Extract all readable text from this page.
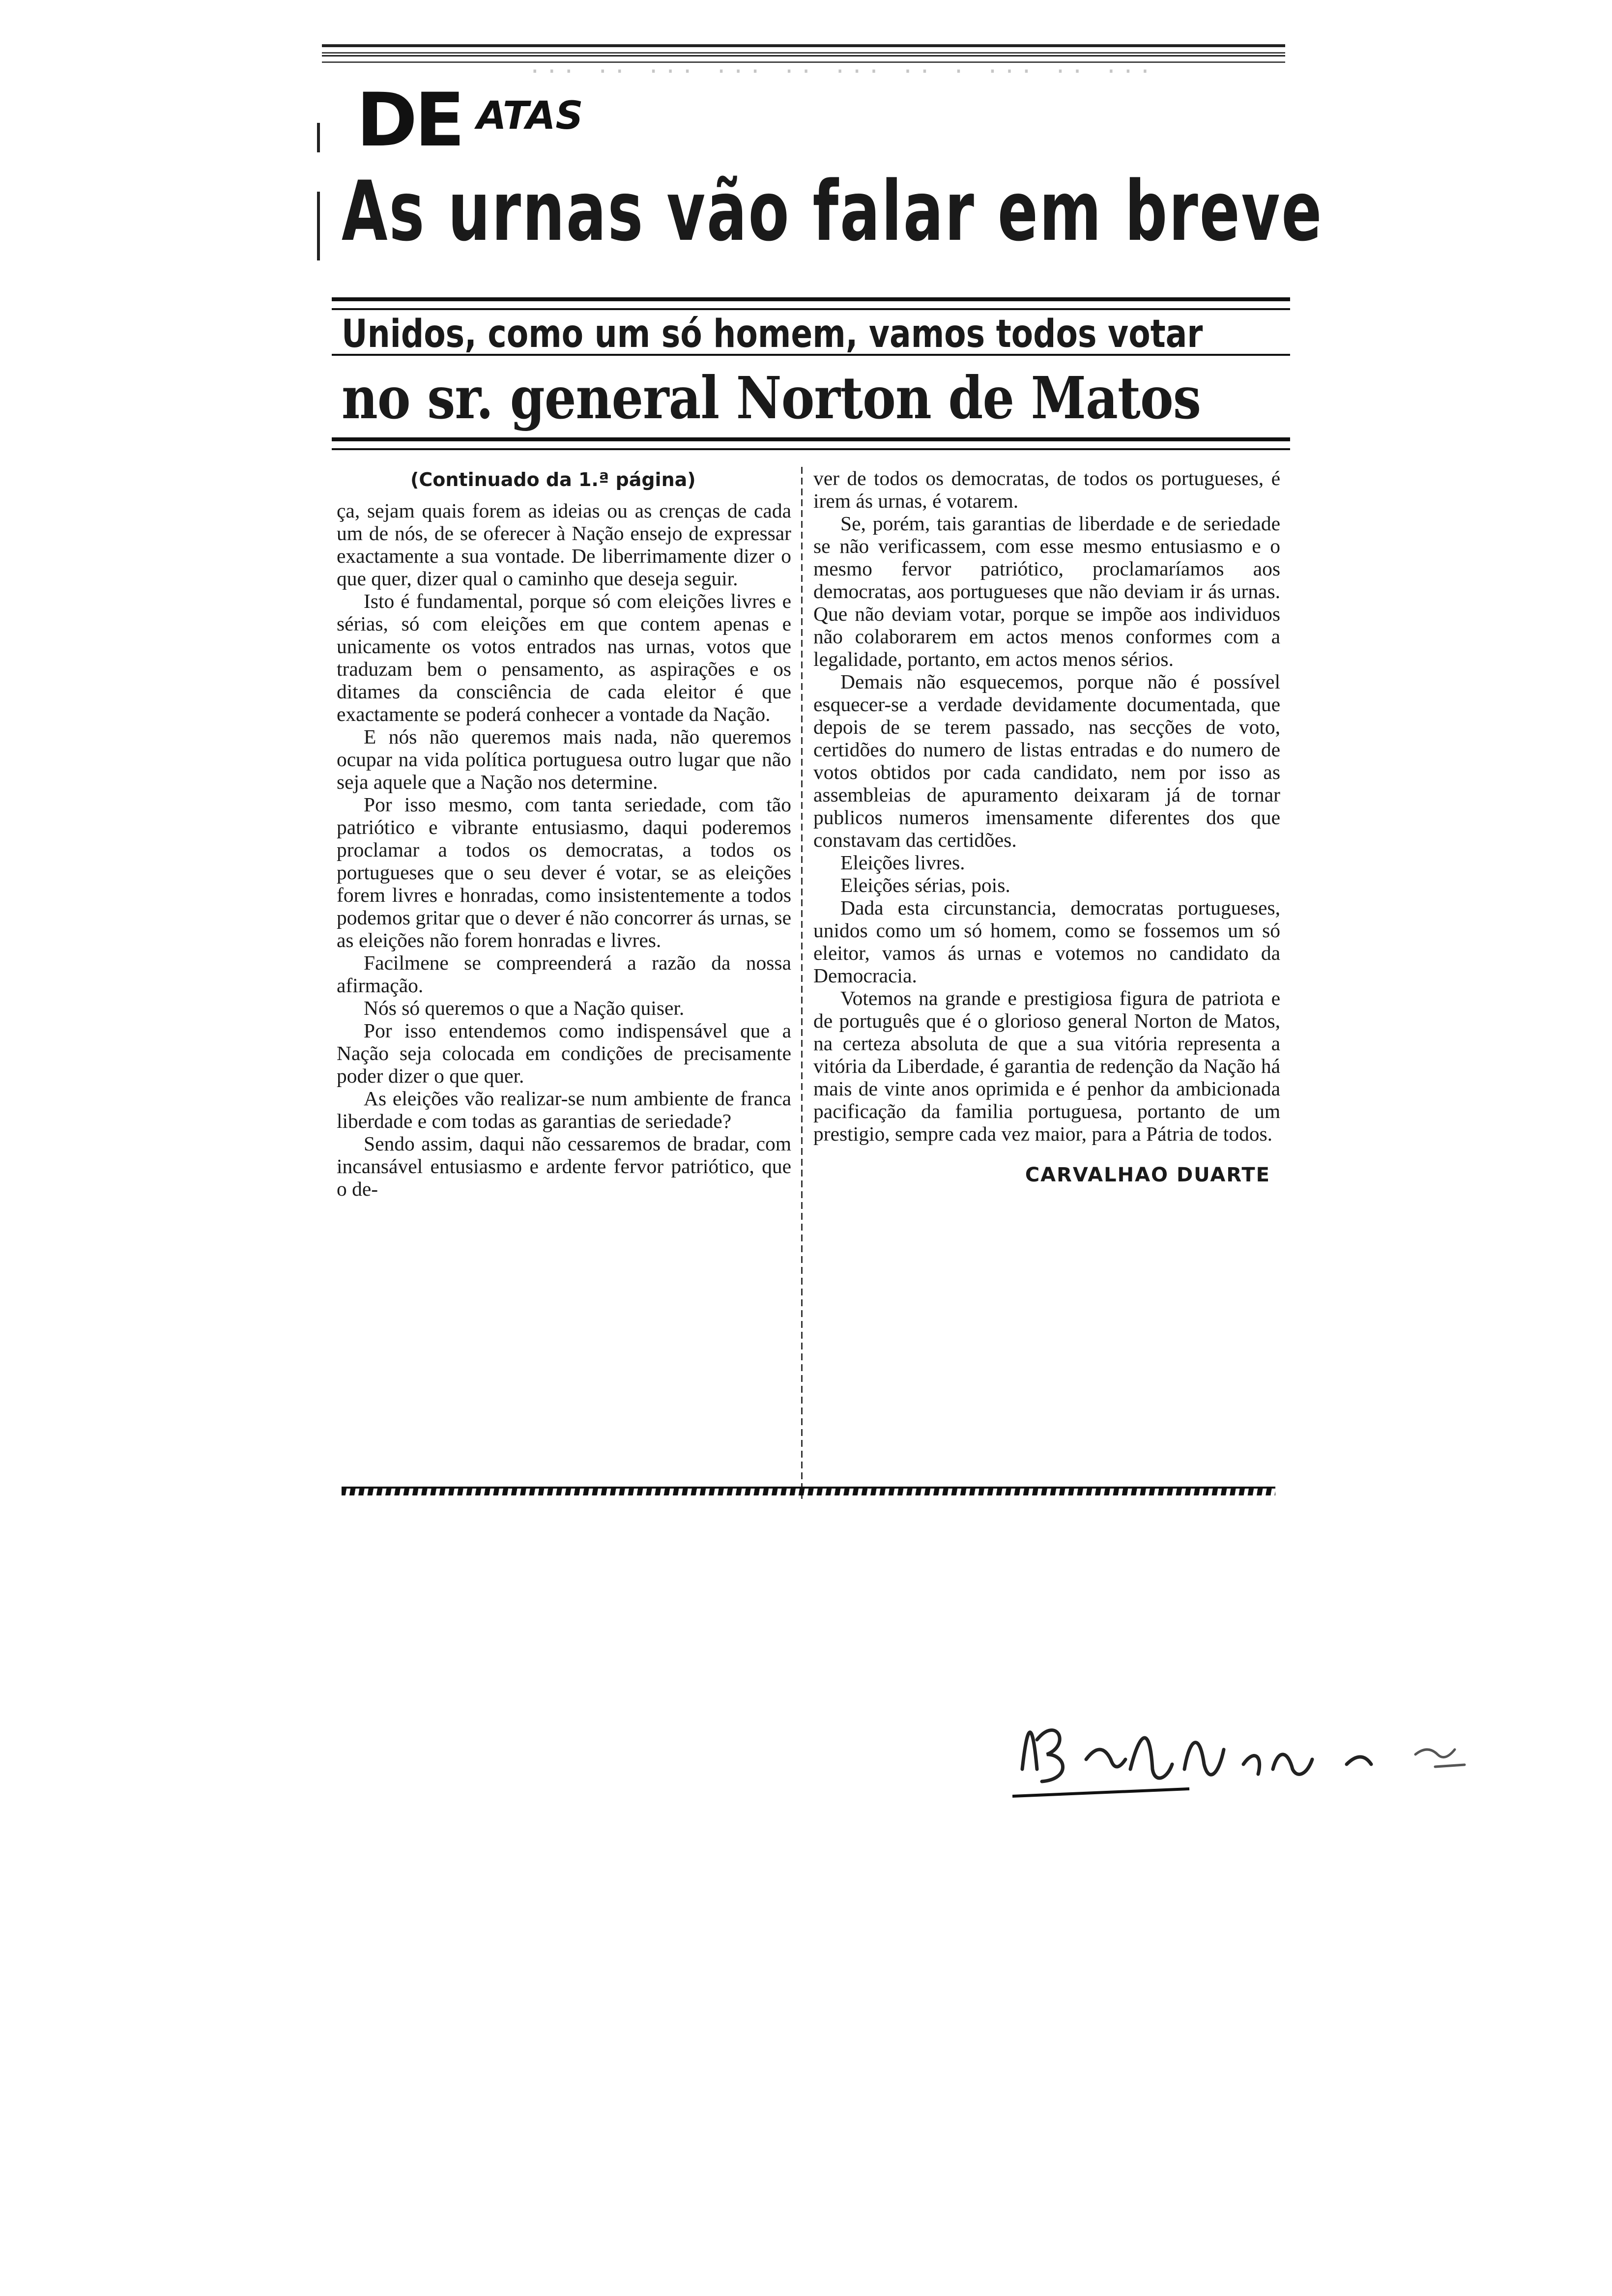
··· ·· ··· ··· ·· ··· ·· · ··· ·· ···
DE ATAS
As urnas vão falar em breve
Unidos, como um só homem, vamos todos votar
no sr. general Norton de Matos
(Continuado da 1.ª página)

ça, sejam quais forem as ideias ou as crenças de cada um de nós, de se oferecer à Nação ensejo de expressar exactamente a sua vontade. De liberrimamente dizer o que quer, dizer qual o caminho que deseja seguir.

Isto é fundamental, porque só com eleições livres e sérias, só com eleições em que contem apenas e unicamente os votos entrados nas urnas, votos que traduzam bem o pensamento, as aspirações e os ditames da consciência de cada eleitor é que exactamente se poderá conhecer a vontade da Nação.

E nós não queremos mais nada, não queremos ocupar na vida política portuguesa outro lugar que não seja aquele que a Nação nos determine.

Por isso mesmo, com tanta seriedade, com tão patriótico e vibrante entusiasmo, daqui poderemos proclamar a todos os democratas, a todos os portugueses que o seu dever é votar, se as eleições forem livres e honradas, como insistentemente a todos podemos gritar que o dever é não concorrer ás urnas, se as eleições não forem honradas e livres.

Facilmene se compreenderá a razão da nossa afirmação.

Nós só queremos o que a Nação quiser.

Por isso entendemos como indispensável que a Nação seja colocada em condições de precisamente poder dizer o que quer.

As eleições vão realizar-se num ambiente de franca liberdade e com todas as garantias de seriedade?

Sendo assim, daqui não cessaremos de bradar, com incansável entusiasmo e ardente fervor patriótico, que o de-

ver de todos os democratas, de todos os portugueses, é irem ás urnas, é votarem.

Se, porém, tais garantias de liberdade e de seriedade se não verificassem, com esse mesmo entusiasmo e o mesmo fervor patriótico, proclamaríamos aos democratas, aos portugueses que não deviam ir ás urnas. Que não deviam votar, porque se impõe aos individuos não colaborarem em actos menos conformes com a legalidade, portanto, em actos menos sérios.

Demais não esquecemos, porque não é possível esquecer-se a verdade devidamente documentada, que depois de se terem passado, nas secções de voto, certidões do numero de listas entradas e do numero de votos obtidos por cada candidato, nem por isso as assembleias de apuramento deixaram já de tornar publicos numeros imensamente diferentes dos que constavam das certidões.

Eleições livres.

Eleições sérias, pois.

Dada esta circunstancia, democratas portugueses, unidos como um só homem, como se fossemos um só eleitor, vamos ás urnas e votemos no candidato da Democracia.

Votemos na grande e prestigiosa figura de patriota e de português que é o glorioso general Norton de Matos, na certeza absoluta de que a sua vitória representa a vitória da Liberdade, é garantia de redenção da Nação há mais de vinte anos oprimida e é penhor da ambicionada pacificação da familia portuguesa, portanto de um prestigio, sempre cada vez maior, para a Pátria de todos.

CARVALHAO DUARTE
